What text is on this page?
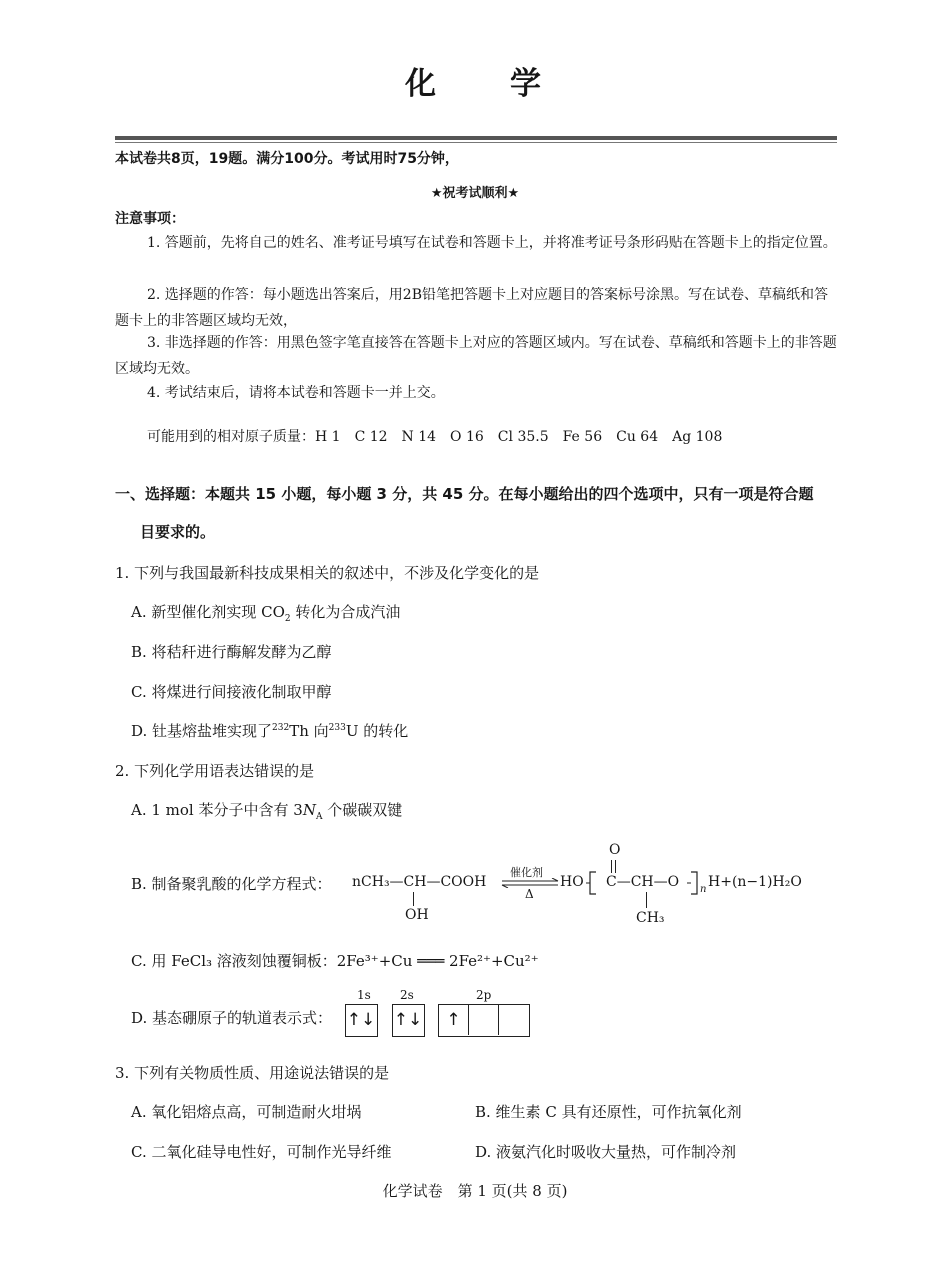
化　　学
本试卷共8页，19题。满分100分。考试用时75分钟，
★祝考试顺利★
注意事项：
1. 答题前，先将自己的姓名、准考证号填写在试卷和答题卡上，并将准考证号条形码贴在答题卡上的指定位置。
2. 选择题的作答：每小题选出答案后，用2B铅笔把答题卡上对应题目的答案标号涂黑。写在试卷、草稿纸和答题卡上的非答题区域均无效，
3. 非选择题的作答：用黑色签字笔直接答在答题卡上对应的答题区域内。写在试卷、草稿纸和答题卡上的非答题区域均无效。
4. 考试结束后，请将本试卷和答题卡一并上交。
可能用到的相对原子质量：H 1　C 12　N 14　O 16　Cl 35.5　Fe 56　Cu 64　Ag 108
一、选择题：本题共 15 小题，每小题 3 分，共 45 分。在每小题给出的四个选项中，只有一项是符合题
目要求的。
1. 下列与我国最新科技成果相关的叙述中，不涉及化学变化的是
A. 新型催化剂实现 $CO_2$ 转化为合成汽油
B. 将秸秆进行酶解发酵为乙醇
C. 将煤进行间接液化制取甲醇
D. 钍基熔盐堆实现了$^{232}$Th 向$^{233}$U 的转化
2. 下列化学用语表达错误的是
A. 1 mol 苯分子中含有 $3N_A$ 个碳碳双键
B. 制备聚乳酸的化学方程式： nCH₃—CH—COOH
OH
催化剂
Δ
HO C—CH—O
O
CH₃
n H+(n−1)H₂O
C. 用 FeCl₃ 溶液刻蚀覆铜板：2Fe³⁺+Cu ═══ 2Fe²⁺+Cu²⁺
D. 基态硼原子的轨道表示式：
1s 2s	2p
↑↓ ↑↓	↑
3. 下列有关物质性质、用途说法错误的是
A. 氧化铝熔点高，可制造耐火坩埚	B. 维生素 C 具有还原性，可作抗氧化剂
C. 二氧化硅导电性好，可制作光导纤维	D. 液氨汽化时吸收大量热，可作制冷剂
化学试卷　第 1 页(共 8 页)
